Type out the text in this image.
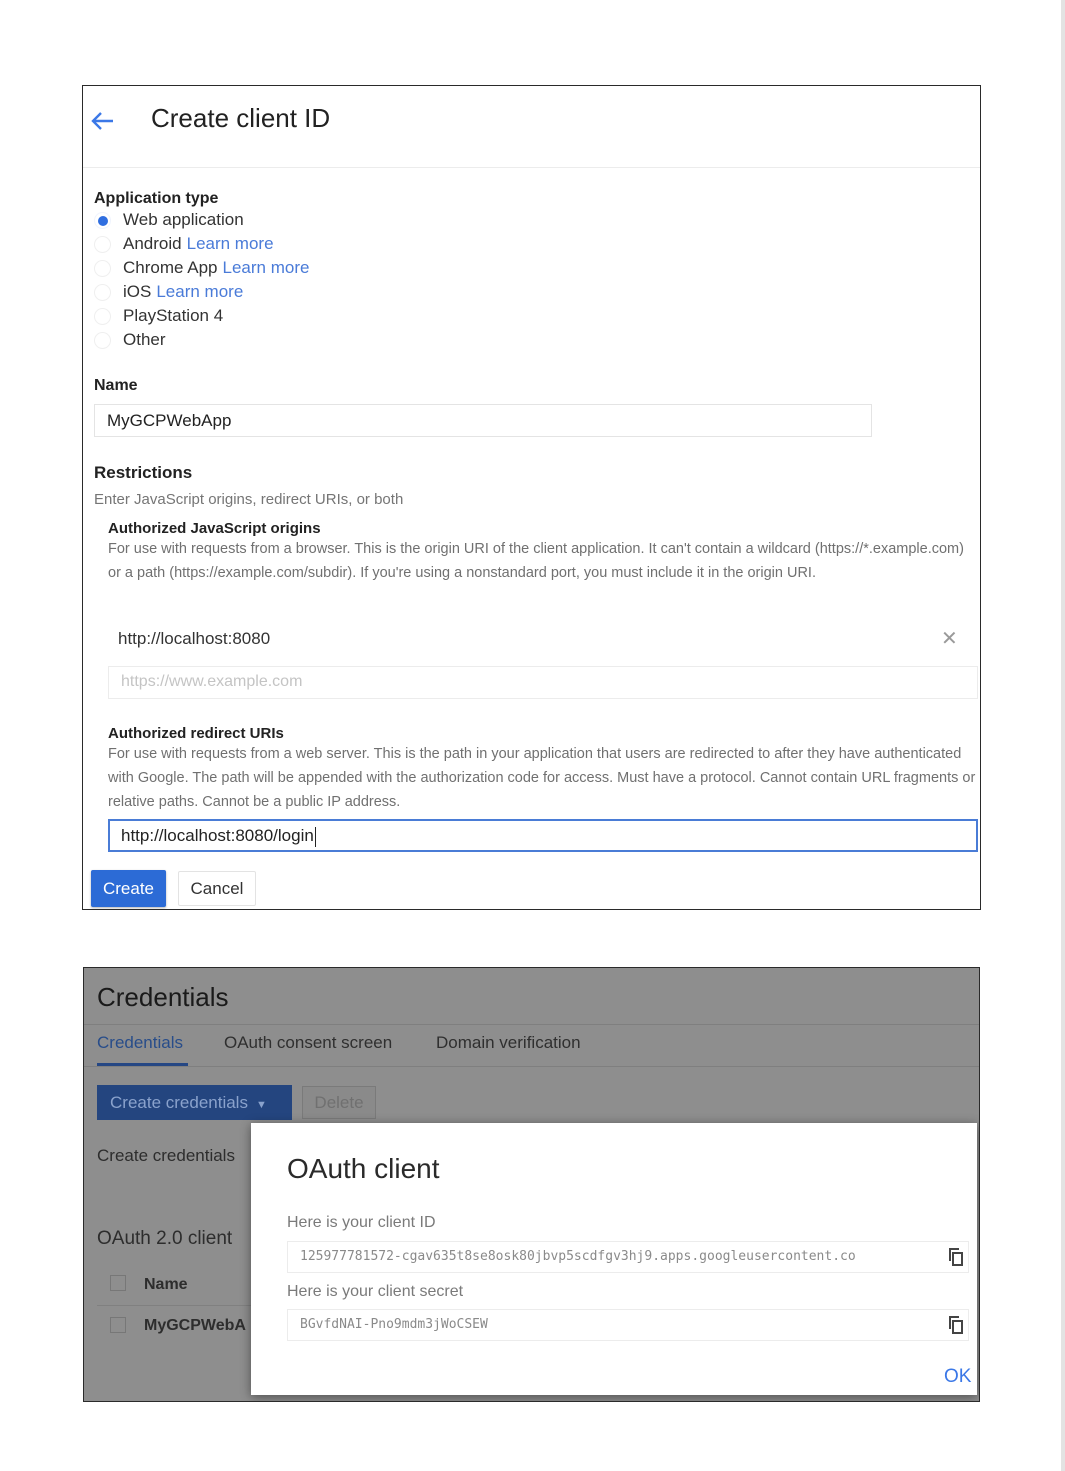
Create client ID
Application type
Web application
Android Learn more
Chrome App Learn more
iOS Learn more
PlayStation 4
Other
Name
MyGCPWebApp
Restrictions
Enter JavaScript origins, redirect URIs, or both
Authorized JavaScript origins
For use with requests from a browser. This is the origin URI of the client application. It can't contain a wildcard (https://*.example.com) or a path (https://example.com/subdir). If you're using a nonstandard port, you must include it in the origin URI.
http://localhost:8080	✕
https://www.example.com
Authorized redirect URIs
For use with requests from a web server. This is the path in your application that users are redirected to after they have authenticated with Google. The path will be appended with the authorization code for access. Must have a protocol. Cannot contain URL fragments or relative paths. Cannot be a public IP address.
http://localhost:8080/login
Create	Cancel
Credentials
Credentials OAuth consent screen	Domain verification
Create credentials ▼	Delete
Create credentials
OAuth 2.0 client
Name
MyGCPWebA
OAuth client
Here is your client ID
125977781572-cgav635t8se8osk80jbvp5scdfgv3hj9.apps.googleusercontent.co
Here is your client secret
BGvfdNAI-Pno9mdm3jWoCSEW
OK
